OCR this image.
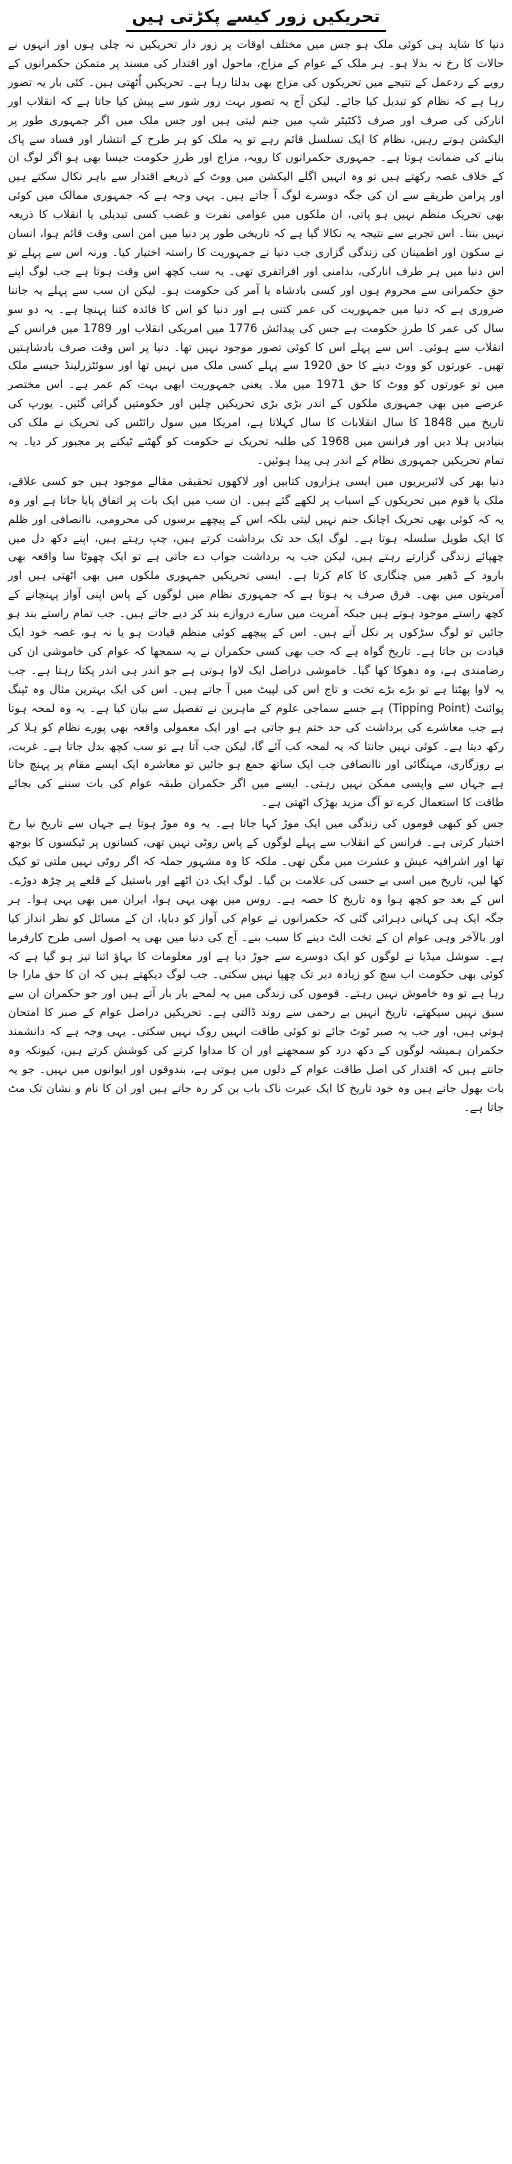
تحریکیں زور کیسے پکڑتی ہیں

دنیا کا شاید ہی کوئی ملک ہو جس میں مختلف اوقات پر زور دار تحریکیں نہ چلی ہوں اور انہوں نے حالات کا رخ نہ بدلا ہو۔ ہر ملک کے عوام کے مزاج، ماحول اور اقتدار کی مسند پر متمکن حکمرانوں کے رویے کے ردعمل کے نتیجے میں تحریکوں کی مزاج بھی بدلتا رہا ہے۔ تحریکیں اُٹھتی ہیں۔ کئی بار یہ تصور رہا ہے کہ نظام کو تبدیل کیا جائے۔ لیکن آج یہ تصور بہت زور شور سے پیش کیا جاتا ہے کہ انقلاب اور انارکی کی صرف اور صرف ڈکٹیٹر شپ میں جنم لیتی ہیں اور جس ملک میں اگر جمہوری طور پر الیکشن ہوتے رہیں، نظام کا ایک تسلسل قائم رہے تو یہ ملک کو ہر طرح کے انتشار اور فساد سے پاک بنانے کی ضمانت ہوتا ہے۔ جمہوری حکمرانوں کا رویہ، مزاج اور طرزِ حکومت جیسا بھی ہو اگر لوگ ان کے خلاف غصہ رکھتے ہیں تو وہ انہیں اگلے الیکشن میں ووٹ کے ذریعے اقتدار سے باہر نکال سکتے ہیں اور پرامن طریقے سے ان کی جگہ دوسرے لوگ آ جاتے ہیں۔ یہی وجہ ہے کہ جمہوری ممالک میں کوئی بھی تحریک منظم نہیں ہو پاتی، ان ملکوں میں عوامی نفرت و غضب کسی تبدیلی یا انقلاب کا ذریعہ نہیں بنتا۔ اس تجربے سے نتیجہ یہ نکالا گیا ہے کہ تاریخی طور پر دنیا میں امن اسی وقت قائم ہوا، انسان نے سکون اور اطمینان کی زندگی گزاری جب دنیا نے جمہوریت کا راستہ اختیار کیا۔ ورنہ اس سے پہلے تو اس دنیا میں ہر طرف انارکی، بدامنی اور افراتفری تھی۔ یہ سب کچھ اس وقت ہوتا ہے جب لوگ اپنے حقِ حکمرانی سے محروم ہوں اور کسی بادشاہ یا آمر کی حکومت ہو۔ لیکن ان سب سے پہلے یہ جاننا ضروری ہے کہ دنیا میں جمہوریت کی عمر کتنی ہے اور دنیا کو اس کا فائدہ کتنا پہنچا ہے۔ یہ دو سو سال کی عمر کا طرزِ حکومت ہے جس کی پیدائش 1776 میں امریکی انقلاب اور 1789 میں فرانس کے انقلاب سے ہوئی۔ اس سے پہلے اس کا کوئی تصور موجود نہیں تھا۔ دنیا پر اس وقت صرف بادشاہتیں تھیں۔ عورتوں کو ووٹ دینے کا حق 1920 سے پہلے کسی ملک میں نہیں تھا اور سوئٹزرلینڈ جیسے ملک میں تو عورتوں کو ووٹ کا حق 1971 میں ملا۔ یعنی جمہوریت ابھی بہت کم عمر ہے۔ اس مختصر عرصے میں بھی جمہوری ملکوں کے اندر بڑی بڑی تحریکیں چلیں اور حکومتیں گرائی گئیں۔ یورپ کی تاریخ میں 1848 کا سال انقلابات کا سال کہلاتا ہے، امریکا میں سول رائٹس کی تحریک نے ملک کی بنیادیں ہلا دیں اور فرانس میں 1968 کی طلبہ تحریک نے حکومت کو گھٹنے ٹیکنے پر مجبور کر دیا۔ یہ تمام تحریکیں جمہوری نظام کے اندر ہی پیدا ہوئیں۔

دنیا بھر کی لائبریریوں میں ایسی ہزاروں کتابیں اور لاکھوں تحقیقی مقالے موجود ہیں جو کسی علاقے، ملک یا قوم میں تحریکوں کے اسباب پر لکھے گئے ہیں۔ ان سب میں ایک بات پر اتفاق پایا جاتا ہے اور وہ یہ کہ کوئی بھی تحریک اچانک جنم نہیں لیتی بلکہ اس کے پیچھے برسوں کی محرومی، ناانصافی اور ظلم کا ایک طویل سلسلہ ہوتا ہے۔ لوگ ایک حد تک برداشت کرتے ہیں، چپ رہتے ہیں، اپنے دکھ دل میں چھپائے زندگی گزارتے رہتے ہیں، لیکن جب یہ برداشت جواب دے جاتی ہے تو ایک چھوٹا سا واقعہ بھی بارود کے ڈھیر میں چنگاری کا کام کرتا ہے۔ ایسی تحریکیں جمہوری ملکوں میں بھی اٹھتی ہیں اور آمریتوں میں بھی۔ فرق صرف یہ ہوتا ہے کہ جمہوری نظام میں لوگوں کے پاس اپنی آواز پہنچانے کے کچھ راستے موجود ہوتے ہیں جبکہ آمریت میں سارے دروازے بند کر دیے جاتے ہیں۔ جب تمام راستے بند ہو جائیں تو لوگ سڑکوں پر نکل آتے ہیں۔ اس کے پیچھے کوئی منظم قیادت ہو یا نہ ہو، غصہ خود ایک قیادت بن جاتا ہے۔ تاریخ گواہ ہے کہ جب بھی کسی حکمران نے یہ سمجھا کہ عوام کی خاموشی ان کی رضامندی ہے، وہ دھوکا کھا گیا۔ خاموشی دراصل ایک لاوا ہوتی ہے جو اندر ہی اندر پکتا رہتا ہے۔ جب یہ لاوا پھٹتا ہے تو بڑے بڑے تخت و تاج اس کی لپیٹ میں آ جاتے ہیں۔ اس کی ایک بہترین مثال وہ ٹپنگ پوائنٹ (Tipping Point) ہے جسے سماجی علوم کے ماہرین نے تفصیل سے بیان کیا ہے۔ یہ وہ لمحہ ہوتا ہے جب معاشرے کی برداشت کی حد ختم ہو جاتی ہے اور ایک معمولی واقعہ بھی پورے نظام کو ہلا کر رکھ دیتا ہے۔ کوئی نہیں جانتا کہ یہ لمحہ کب آئے گا، لیکن جب آتا ہے تو سب کچھ بدل جاتا ہے۔ غربت، بے روزگاری، مہنگائی اور ناانصافی جب ایک ساتھ جمع ہو جائیں تو معاشرہ ایک ایسے مقام پر پہنچ جاتا ہے جہاں سے واپسی ممکن نہیں رہتی۔ ایسے میں اگر حکمران طبقہ عوام کی بات سننے کی بجائے طاقت کا استعمال کرے تو آگ مزید بھڑک اٹھتی ہے۔

جس کو کبھی قوموں کی زندگی میں ایک موڑ کہا جاتا ہے۔ یہ وہ موڑ ہوتا ہے جہاں سے تاریخ نیا رخ اختیار کرتی ہے۔ فرانس کے انقلاب سے پہلے لوگوں کے پاس روٹی نہیں تھی، کسانوں پر ٹیکسوں کا بوجھ تھا اور اشرافیہ عیش و عشرت میں مگن تھی۔ ملکہ کا وہ مشہور جملہ کہ اگر روٹی نہیں ملتی تو کیک کھا لیں، تاریخ میں اسی بے حسی کی علامت بن گیا۔ لوگ ایک دن اٹھے اور باستیل کے قلعے پر چڑھ دوڑے۔ اس کے بعد جو کچھ ہوا وہ تاریخ کا حصہ ہے۔ روس میں بھی یہی ہوا، ایران میں بھی یہی ہوا۔ ہر جگہ ایک ہی کہانی دہرائی گئی کہ حکمرانوں نے عوام کی آواز کو دبایا، ان کے مسائل کو نظر انداز کیا اور بالآخر وہی عوام ان کے تخت الٹ دینے کا سبب بنے۔ آج کی دنیا میں بھی یہ اصول اسی طرح کارفرما ہے۔ سوشل میڈیا نے لوگوں کو ایک دوسرے سے جوڑ دیا ہے اور معلومات کا بہاؤ اتنا تیز ہو گیا ہے کہ کوئی بھی حکومت اب سچ کو زیادہ دیر تک چھپا نہیں سکتی۔ جب لوگ دیکھتے ہیں کہ ان کا حق مارا جا رہا ہے تو وہ خاموش نہیں رہتے۔ قوموں کی زندگی میں یہ لمحے بار بار آتے ہیں اور جو حکمران ان سے سبق نہیں سیکھتے، تاریخ انہیں بے رحمی سے روند ڈالتی ہے۔ تحریکیں دراصل عوام کے صبر کا امتحان ہوتی ہیں، اور جب یہ صبر ٹوٹ جائے تو کوئی طاقت انہیں روک نہیں سکتی۔ یہی وجہ ہے کہ دانشمند حکمران ہمیشہ لوگوں کے دکھ درد کو سمجھنے اور ان کا مداوا کرنے کی کوشش کرتے ہیں، کیونکہ وہ جانتے ہیں کہ اقتدار کی اصل طاقت عوام کے دلوں میں ہوتی ہے، بندوقوں اور ایوانوں میں نہیں۔ جو یہ بات بھول جاتے ہیں وہ خود تاریخ کا ایک عبرت ناک باب بن کر رہ جاتے ہیں اور ان کا نام و نشان تک مٹ جاتا ہے۔
